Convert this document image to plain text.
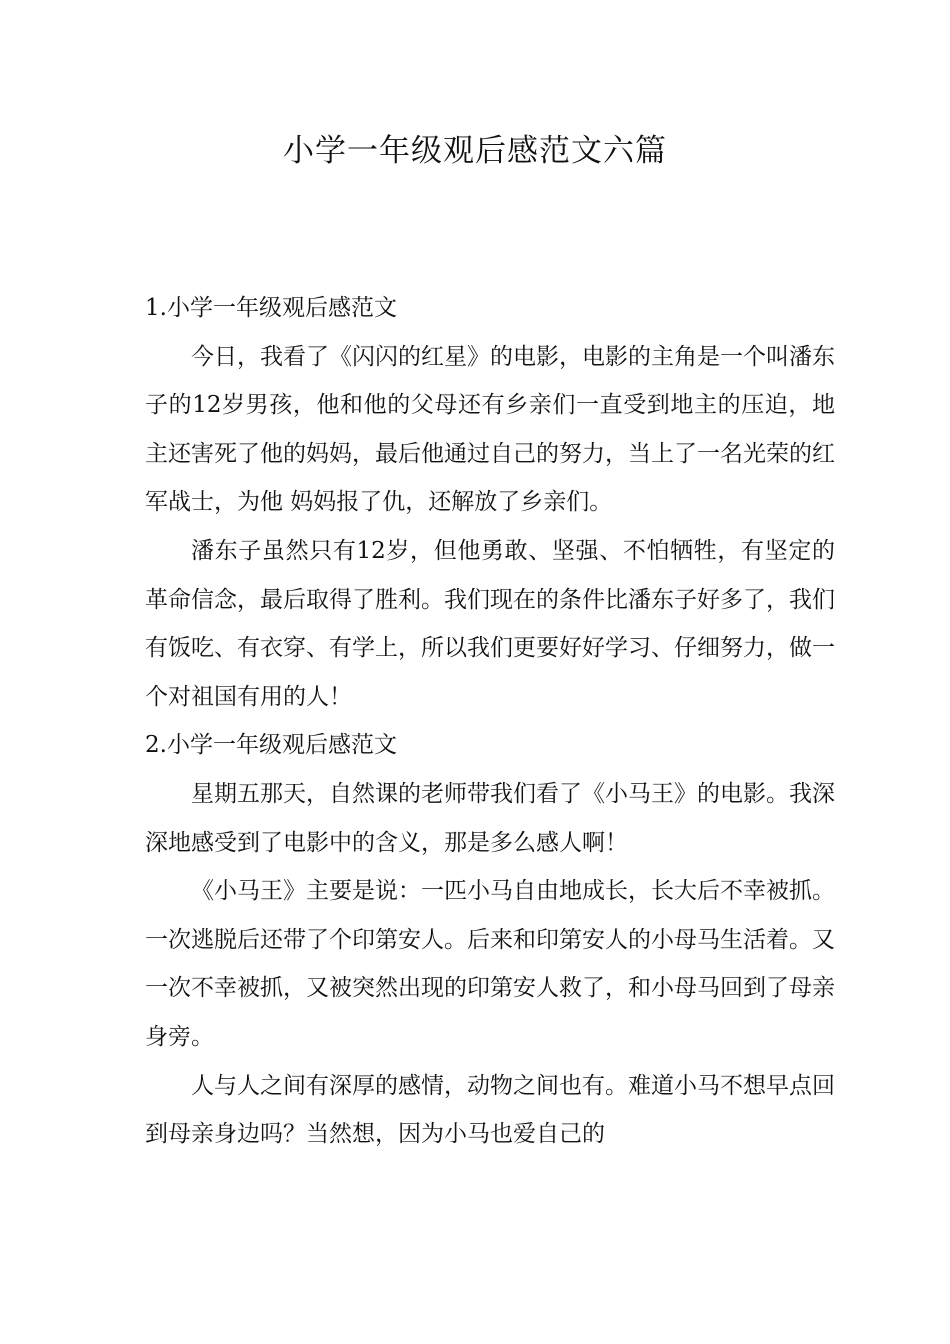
小学一年级观后感范文六篇
1.小学一年级观后感范文

今日，我看了《闪闪的红星》的电影，电影的主角是一个叫潘东子的12岁男孩，他和他的父母还有乡亲们一直受到地主的压迫，地主还害死了他的妈妈，最后他通过自己的努力，当上了一名光荣的红军战士，为他 妈妈报了仇，还解放了乡亲们。

潘东子虽然只有12岁，但他勇敢、坚强、不怕牺牲，有坚定的革命信念，最后取得了胜利。我们现在的条件比潘东子好多了，我们有饭吃、有衣穿、有学上，所以我们更要好好学习、仔细努力，做一个对祖国有用的人！

2.小学一年级观后感范文

星期五那天，自然课的老师带我们看了《小马王》的电影。我深深地感受到了电影中的含义，那是多么感人啊！

《小马王》主要是说：一匹小马自由地成长，长大后不幸被抓。一次逃脱后还带了个印第安人。后来和印第安人的小母马生活着。又一次不幸被抓，又被突然出现的印第安人救了，和小母马回到了母亲身旁。

人与人之间有深厚的感情，动物之间也有。难道小马不想早点回到母亲身边吗？当然想，因为小马也爱自己的
